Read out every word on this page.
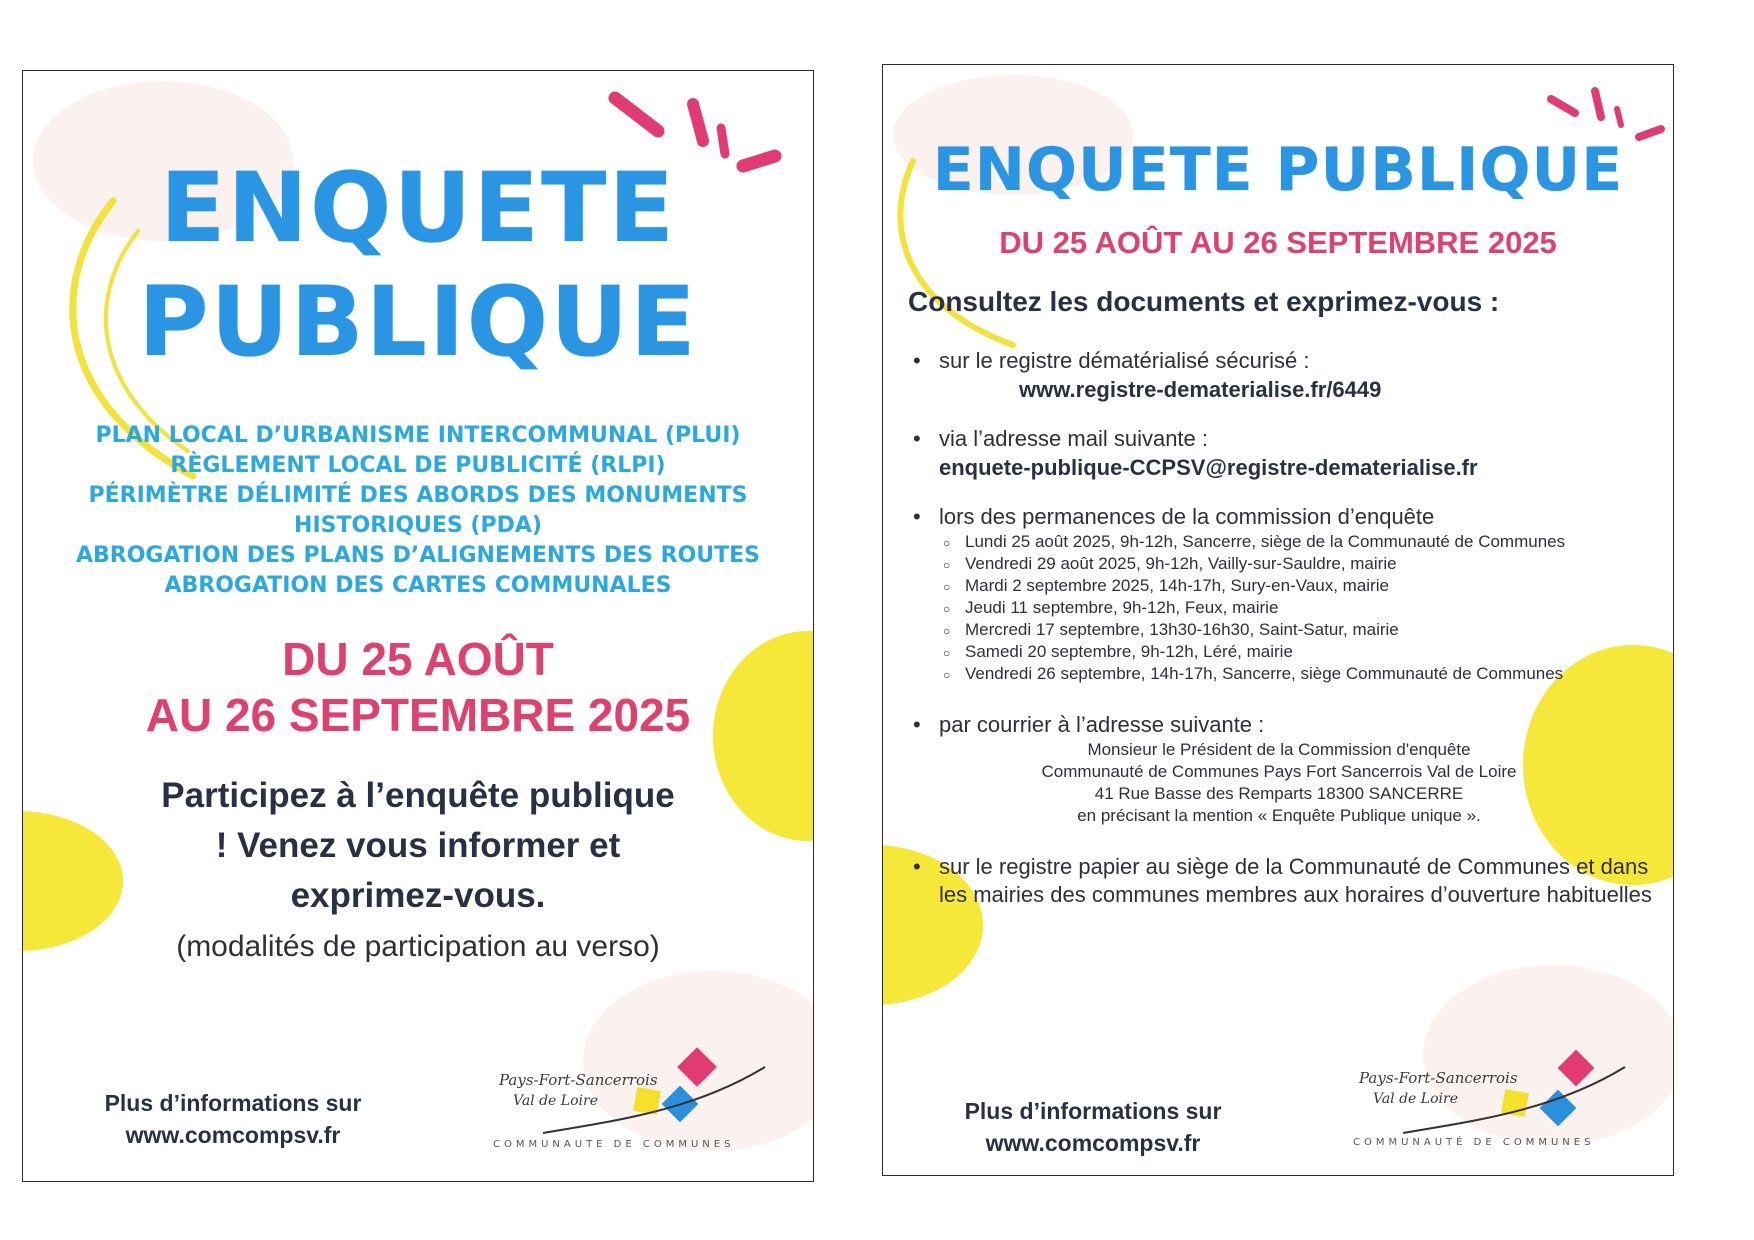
ENQUETE
PUBLIQUE
PLAN LOCAL D’URBANISME INTERCOMMUNAL (PLUI)
RÈGLEMENT LOCAL DE PUBLICITÉ (RLPI)
PÉRIMÈTRE DÉLIMITÉ DES ABORDS DES MONUMENTS
HISTORIQUES (PDA)
ABROGATION DES PLANS D’ALIGNEMENTS DES ROUTES
ABROGATION DES CARTES COMMUNALES
DU 25 AOÛT
AU 26 SEPTEMBRE 2025
Participez à l’enquête publique
! Venez vous informer et
exprimez-vous.
(modalités de participation au verso)
Plus d’informations sur
www.comcompsv.fr
Pays-Fort-Sancerrois
Val de Loire
COMMUNAUTE DE COMMUNES
ENQUETE PUBLIQUE
DU 25 AOÛT AU 26 SEPTEMBRE 2025
Consultez les documents et exprimez-vous :
• sur le registre dématérialisé sécurisé :
www.registre-dematerialise.fr/6449
• via l’adresse mail suivante :
enquete-publique-CCPSV@registre-dematerialise.fr
• lors des permanences de la commission d’enquête
○ Lundi 25 août 2025, 9h-12h, Sancerre, siège de la Communauté de Communes
○ Vendredi 29 août 2025, 9h-12h, Vailly-sur-Sauldre, mairie
○ Mardi 2 septembre 2025, 14h-17h, Sury-en-Vaux, mairie
○ Jeudi 11 septembre, 9h-12h, Feux, mairie
○ Mercredi 17 septembre, 13h30-16h30, Saint-Satur, mairie
○ Samedi 20 septembre, 9h-12h, Léré, mairie
○ Vendredi 26 septembre, 14h-17h, Sancerre, siège Communauté de Communes
• par courrier à l’adresse suivante :
Monsieur le Président de la Commission d'enquête
Communauté de Communes Pays Fort Sancerrois Val de Loire
41 Rue Basse des Remparts 18300 SANCERRE
en précisant la mention « Enquête Publique unique ».
• sur le registre papier au siège de la Communauté de Communes et dans les mairies des communes membres aux horaires d’ouverture habituelles
Plus d’informations sur
www.comcompsv.fr
Pays-Fort-Sancerrois
Val de Loire
COMMUNAUTÉ DE COMMUNES
